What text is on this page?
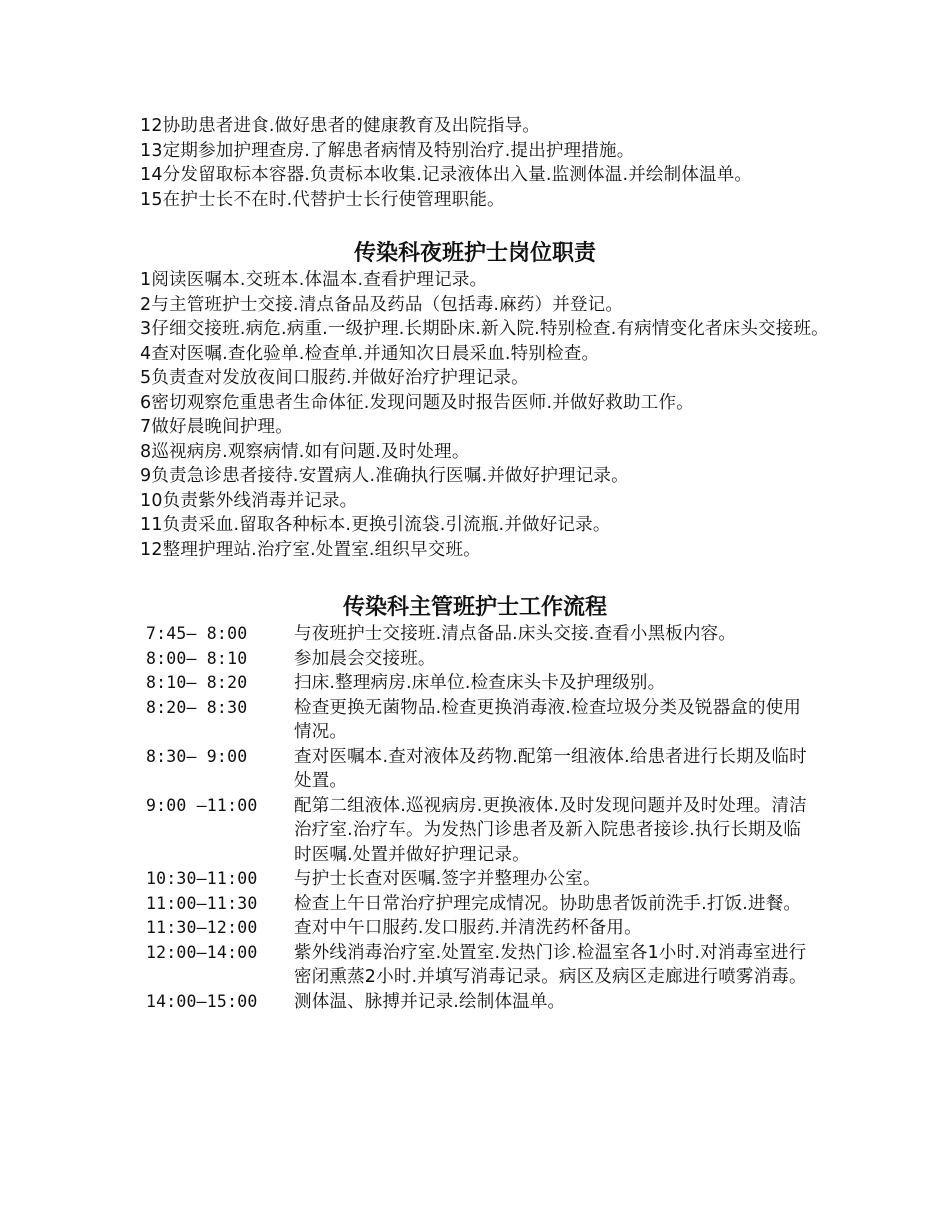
12协助患者进食.做好患者的健康教育及出院指导。

13定期参加护理查房.了解患者病情及特别治疗.提出护理措施。

14分发留取标本容器.负责标本收集.记录液体出入量.监测体温.并绘制体温单。

15在护士长不在时.代替护士长行使管理职能。

传染科夜班护士岗位职责

1阅读医嘱本.交班本.体温本.查看护理记录。

2与主管班护士交接.清点备品及药品（包括毒.麻药）并登记。

3仔细交接班.病危.病重.一级护理.长期卧床.新入院.特别检查.有病情变化者床头交接班。

4查对医嘱.查化验单.检查单.并通知次日晨采血.特别检查。

5负责查对发放夜间口服药.并做好治疗护理记录。

6密切观察危重患者生命体征.发现问题及时报告医师.并做好救助工作。

7做好晨晚间护理。

8巡视病房.观察病情.如有问题.及时处理。

9负责急诊患者接待.安置病人.准确执行医嘱.并做好护理记录。

10负责紫外线消毒并记录。

11负责采血.留取各种标本.更换引流袋.引流瓶.并做好记录。

12整理护理站.治疗室.处置室.组织早交班。

传染科主管班护士工作流程
7:45— 8:00	与夜班护士交接班.清点备品.床头交接.查看小黑板内容。
8:00— 8:10	参加晨会交接班。
8:10— 8:20	扫床.整理病房.床单位.检查床头卡及护理级别。
8:20— 8:30	检查更换无菌物品.检查更换消毒液.检查垃圾分类及锐器盒的使用情况。
8:30— 9:00	查对医嘱本.查对液体及药物.配第一组液体.给患者进行长期及临时处置。
9:00 —11:00	配第二组液体.巡视病房.更换液体.及时发现问题并及时处理。清洁治疗室.治疗车。为发热门诊患者及新入院患者接诊.执行长期及临时医嘱.处置并做好护理记录。
10:30—11:00	与护士长查对医嘱.签字并整理办公室。
11:00—11:30	检查上午日常治疗护理完成情况。协助患者饭前洗手.打饭.进餐。
11:30—12:00	查对中午口服药.发口服药.并清洗药杯备用。
12:00—14:00	紫外线消毒治疗室.处置室.发热门诊.检温室各1小时.对消毒室进行密闭熏蒸2小时.并填写消毒记录。病区及病区走廊进行喷雾消毒。
14:00—15:00	测体温、脉搏并记录.绘制体温单。
